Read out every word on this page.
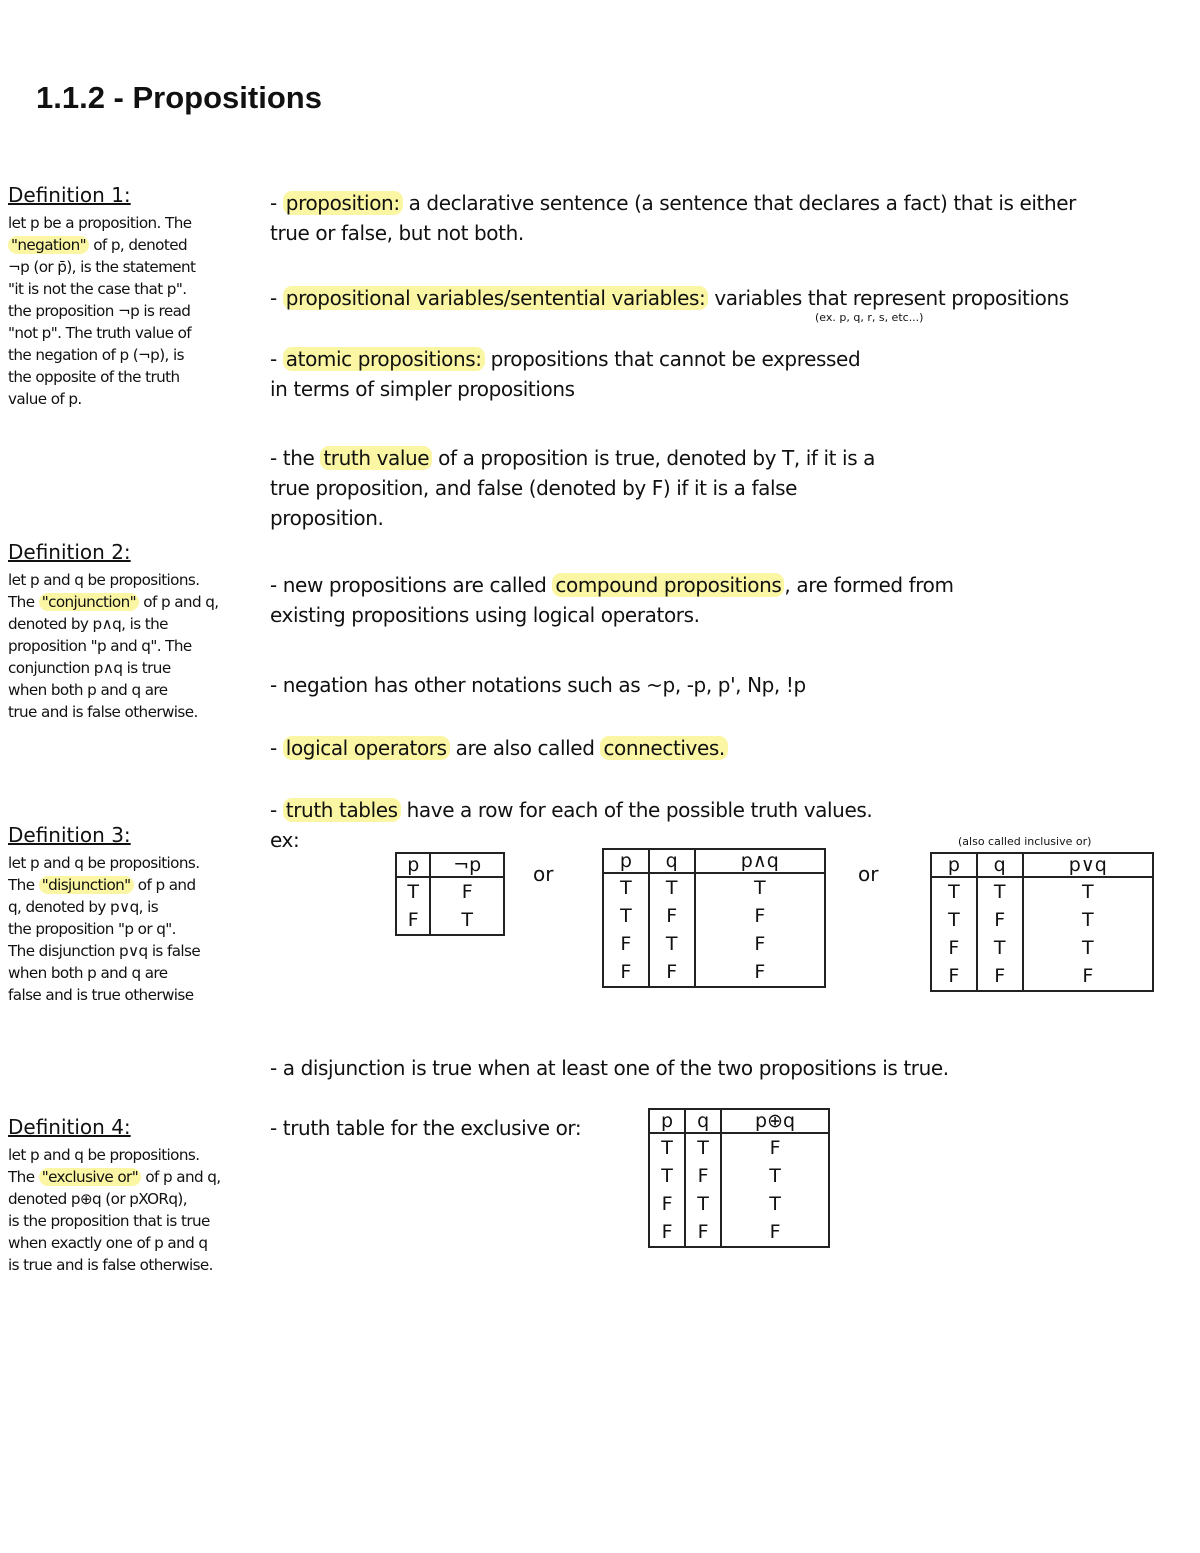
1.1.2 - Propositions
Definition 1:
let p be a proposition. The
"negation" of p, denoted
¬p (or p̄), is the statement
"it is not the case that p".
the proposition ¬p is read
"not p". The truth value of
the negation of p (¬p), is
the opposite of the truth
value of p.
Definition 2:
let p and q be propositions.
The "conjunction" of p and q,
denoted by p∧q, is the
proposition "p and q". The
conjunction p∧q is true
when both p and q are
true and is false otherwise.
Definition 3:
let p and q be propositions.
The "disjunction" of p and
q, denoted by p∨q, is
the proposition "p or q".
The disjunction p∨q is false
when both p and q are
false and is true otherwise
Definition 4:
let p and q be propositions.
The "exclusive or" of p and q,
denoted p⊕q (or pXORq),
is the proposition that is true
when exactly one of p and q
is true and is false otherwise.
- proposition: a declarative sentence (a sentence that declares a fact) that is either
true or false, but not both.
- propositional variables/sentential variables: variables that represent propositions
(ex. p, q, r, s, etc...)
- atomic propositions: propositions that cannot be expressed
in terms of simpler propositions
- the truth value of a proposition is true, denoted by T, if it is a
true proposition, and false (denoted by F) if it is a false
proposition.
- new propositions are called compound propositions , are formed from
existing propositions using logical operators.
- negation has other notations such as ~p, -p, p', Np, !p
- logical operators are also called connectives.
- truth tables have a row for each of the possible truth values.
ex:
- a disjunction is true when at least one of the two propositions is true.
- truth table for the exclusive or:
p	¬p
T	F
F	T
or
p	q	p∧q
T	T	T
T	F	F
F	T	F
F	F	F
or
(also called inclusive or)
p	q	p∨q
T	T	T
T	F	T
F	T	T
F	F	F
p	q	p⊕q
T	T	F
T	F	T
F	T	T
F	F	F
